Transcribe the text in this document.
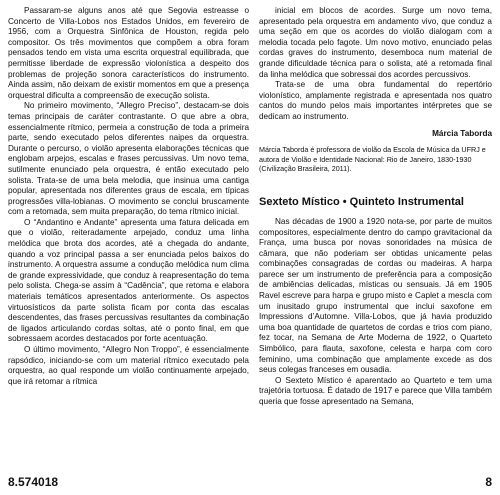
Passaram-se alguns anos até que Segovia estreasse o Concerto de Villa-Lobos nos Estados Unidos, em fevereiro de 1956, com a Orquestra Sinfônica de Houston, regida pelo compositor. Os três movimentos que compõem a obra foram pensados tendo em vista uma escrita orquestral equilibrada, que permitisse liberdade de expressão violonística a despeito dos problemas de projeção sonora característicos do instrumento. Ainda assim, não deixam de existir momentos em que a presença orquestral dificulta a compreensão de execução solista.

No primeiro movimento, “Allegro Preciso”, destacam-se dois temas principais de caráter contrastante. O que abre a obra, essencialmente rítmico, permeia a construção de toda a primeira parte, sendo executado pelos diferentes naipes da orquestra. Durante o percurso, o violão apresenta elaborações técnicas que englobam arpejos, escalas e frases percussivas. Um novo tema, sutilmente enunciado pela orquestra, é então executado pelo solista. Trata-se de uma bela melodia, que insinua uma cantiga popular, apresentada nos diferentes graus de escala, em típicas progressões villa-lobianas. O movimento se conclui bruscamente com a retomada, sem muita preparação, do tema rítmico inicial.

O “Andantino e Andante” apresenta uma fatura delicada em que o violão, reiteradamente arpejado, conduz uma linha melódica que brota dos acordes, até a chegada do andante, quando a voz principal passa a ser enunciada pelos baixos do instrumento. A orquestra assume a condução melódica num clima de grande expressividade, que conduz à reapresentação do tema pelo solista. Chega-se assim à “Cadência”, que retoma e elabora materiais temáticos apresentados anteriormente. Os aspectos virtuosísticos da parte solista ficam por conta das escalas descendentes, das frases percussivas resultantes da combinação de ligados articulando cordas soltas, até o ponto final, em que sobressaem acordes destacados por forte acentuação.

O último movimento, “Allegro Non Troppo”, é essencialmente rapsódico, iniciando-se com um material rítmico executado pela orquestra, ao qual responde um violão continuamente arpejado, que irá retomar a rítmica

inicial em blocos de acordes. Surge um novo tema, apresentado pela orquestra em andamento vivo, que conduz a uma seção em que os acordes do violão dialogam com a melodia tocada pelo fagote. Um novo motivo, enunciado pelas cordas graves do instrumento, desemboca num material de grande dificuldade técnica para o solista, até a retomada final da linha melódica que sobressai dos acordes percussivos.

Trata-se de uma obra fundamental do repertório violonístico, amplamente registrada e apresentada nos quatro cantos do mundo pelos mais importantes intérpretes que se dedicam ao instrumento.

Márcia Taborda

Márcia Taborda é professora de violão da Escola de Música da UFRJ e autora de Violão e Identidade Nacional: Rio de Janeiro, 1830-1930 (Civilização Brasileira, 2011).

Sexteto Místico • Quinteto Instrumental

Nas décadas de 1900 a 1920 nota-se, por parte de muitos compositores, especialmente dentro do campo gravitacional da França, uma busca por novas sonoridades na música de câmara, que não poderiam ser obtidas unicamente pelas combinações consagradas de cordas ou madeiras. A harpa parece ser um instrumento de preferência para a composição de ambiências delicadas, místicas ou sensuais. Já em 1905 Ravel escreve para harpa e grupo misto e Caplet a mescla com um inusitado grupo instrumental que inclui saxofone em Impressions d’Automne. Villa-Lobos, que já havia produzido uma boa quantidade de quartetos de cordas e trios com piano, fez tocar, na Semana de Arte Moderna de 1922, o Quarteto Simbólico, para flauta, saxofone, celesta e harpa com coro feminino, uma combinação que amplamente excede as dos seus colegas franceses em ousadia.

O Sexteto Místico é aparentado ao Quarteto e tem uma trajetória tortuosa. É datado de 1917 e parece que Villa também queria que fosse apresentado na Semana,

8.574018	8
